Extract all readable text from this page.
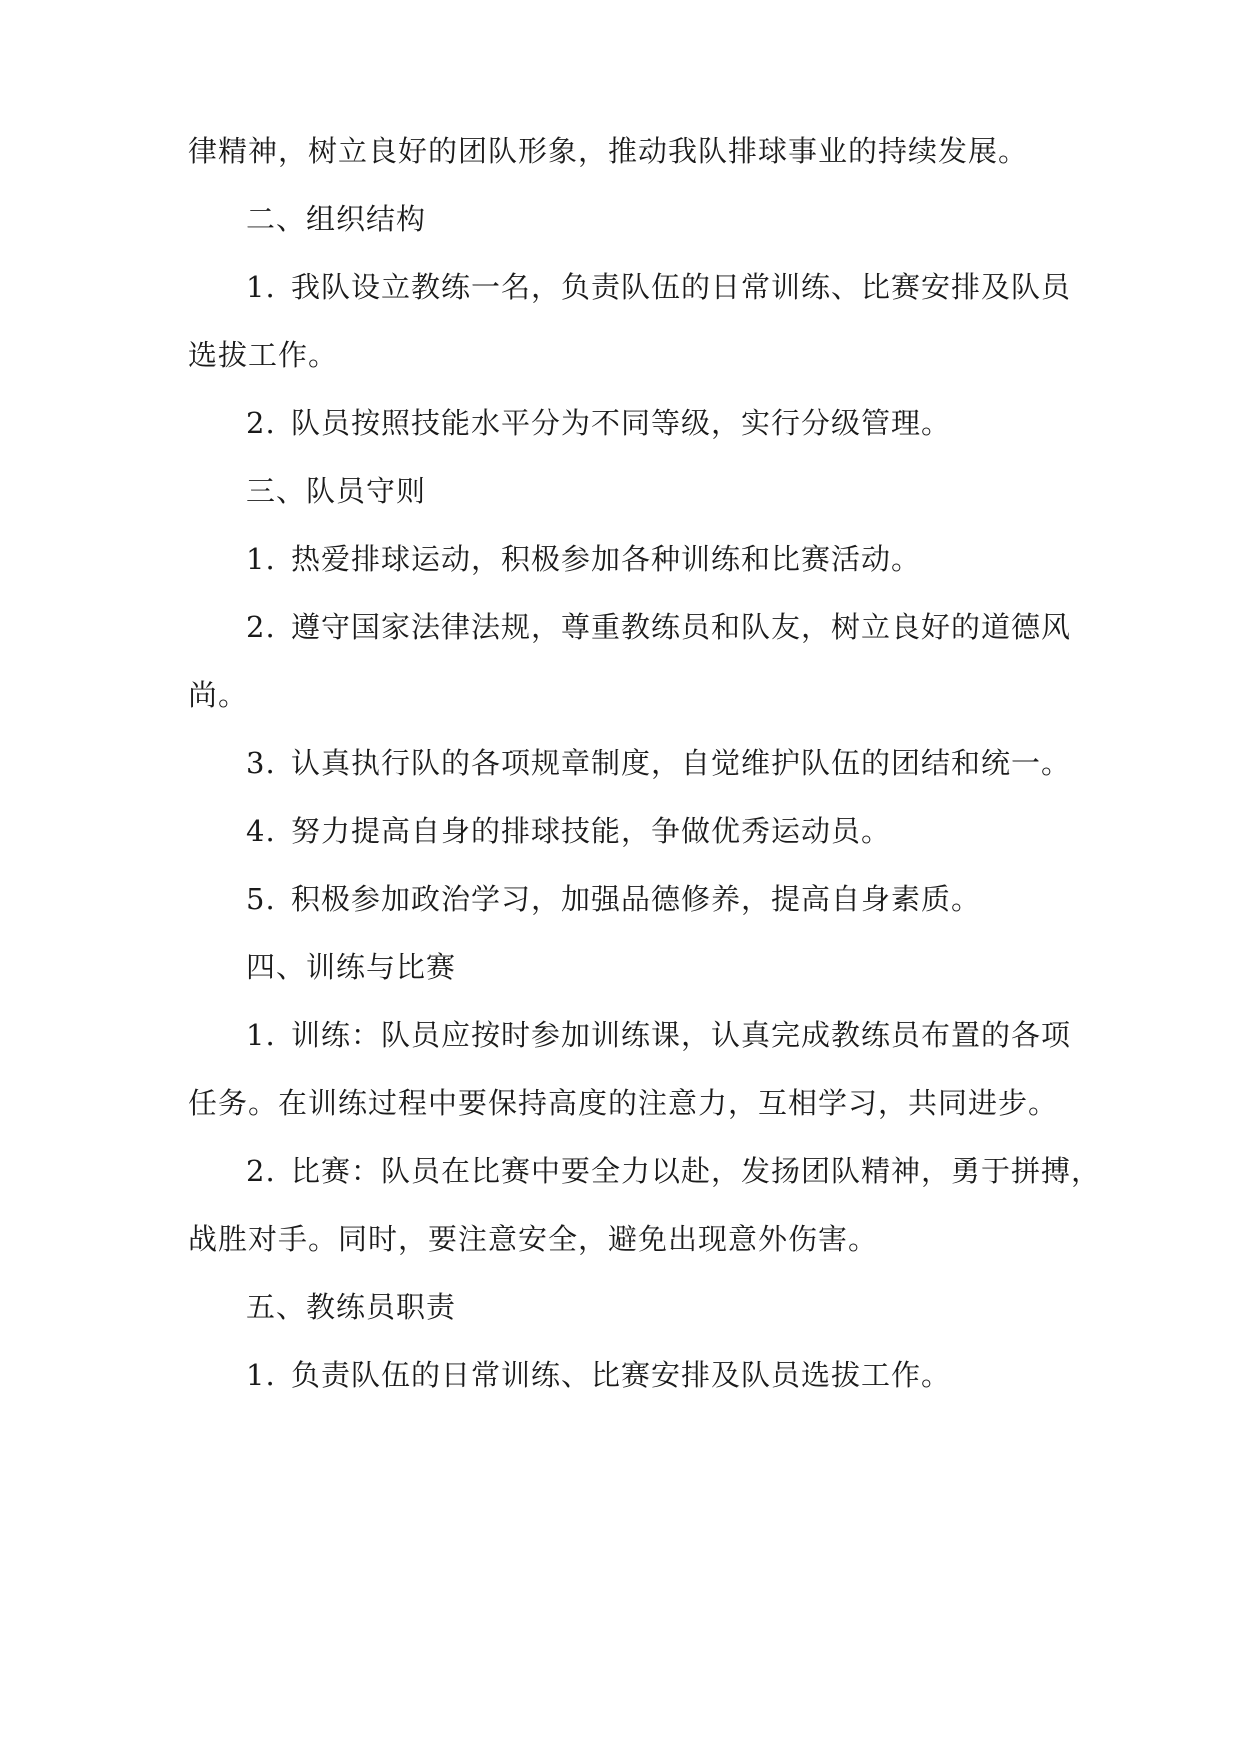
律精神，树立良好的团队形象，推动我队排球事业的持续发展。

二、组织结构

1. 我队设立教练一名，负责队伍的日常训练、比赛安排及队员

选拔工作。

2. 队员按照技能水平分为不同等级，实行分级管理。

三、队员守则

1. 热爱排球运动，积极参加各种训练和比赛活动。

2. 遵守国家法律法规，尊重教练员和队友，树立良好的道德风

尚。

3. 认真执行队的各项规章制度，自觉维护队伍的团结和统一。

4. 努力提高自身的排球技能，争做优秀运动员。

5. 积极参加政治学习，加强品德修养，提高自身素质。

四、训练与比赛

1. 训练：队员应按时参加训练课，认真完成教练员布置的各项

任务。在训练过程中要保持高度的注意力，互相学习，共同进步。

2. 比赛：队员在比赛中要全力以赴，发扬团队精神，勇于拼搏，

战胜对手。同时，要注意安全，避免出现意外伤害。

五、教练员职责

1. 负责队伍的日常训练、比赛安排及队员选拔工作。
